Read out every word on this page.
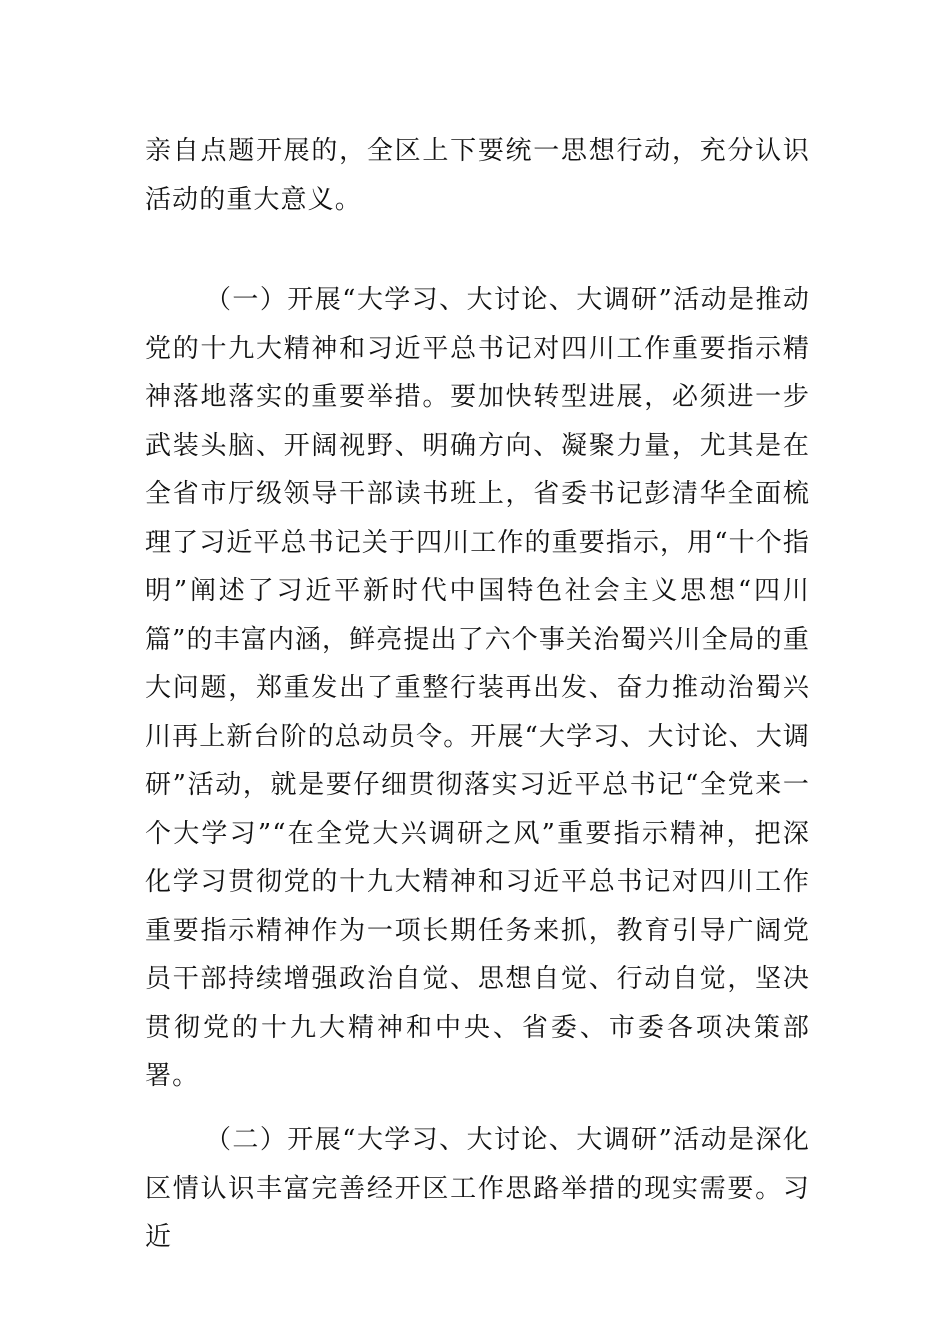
亲自点题开展的，全区上下要统一思想行动，充分认识活动的重大意义。

（一）开展“大学习、大讨论、大调研”活动是推动党的十九大精神和习近平总书记对四川工作重要指示精神落地落实的重要举措。要加快转型进展，必须进一步武装头脑、开阔视野、明确方向、凝聚力量，尤其是在全省市厅级领导干部读书班上，省委书记彭清华全面梳理了习近平总书记关于四川工作的重要指示，用“十个指明”阐述了习近平新时代中国特色社会主义思想“四川篇”的丰富内涵，鲜亮提出了六个事关治蜀兴川全局的重大问题，郑重发出了重整行装再出发、奋力推动治蜀兴川再上新台阶的总动员令。开展“大学习、大讨论、大调研”活动，就是要仔细贯彻落实习近平总书记“全党来一个大学习”“在全党大兴调研之风”重要指示精神，把深化学习贯彻党的十九大精神和习近平总书记对四川工作重要指示精神作为一项长期任务来抓，教育引导广阔党员干部持续增强政治自觉、思想自觉、行动自觉，坚决贯彻党的十九大精神和中央、省委、市委各项决策部署。

（二）开展“大学习、大讨论、大调研”活动是深化区情认识丰富完善经开区工作思路举措的现实需要。习近
